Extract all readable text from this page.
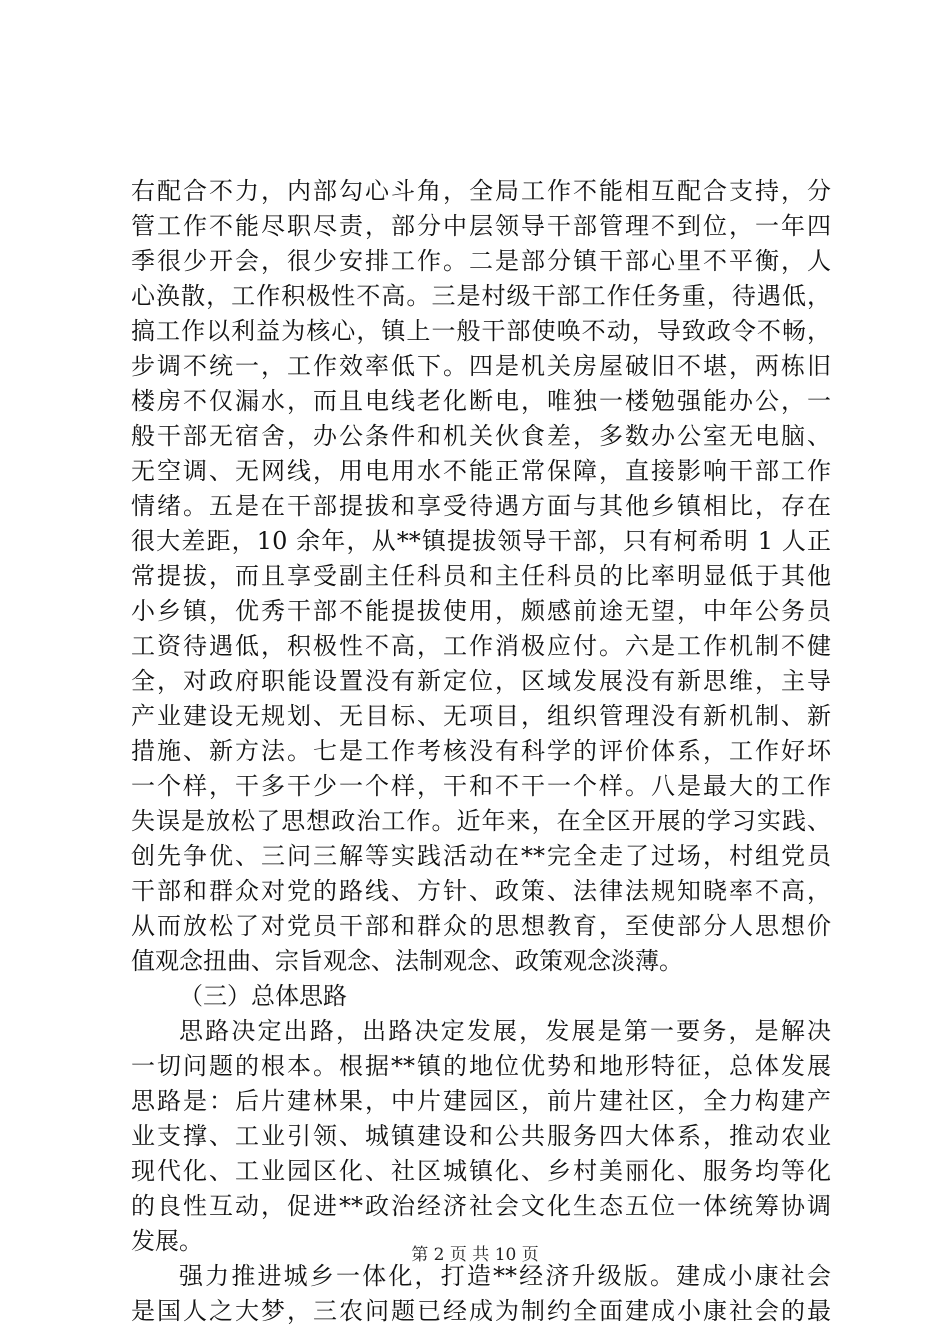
右配合不力，内部勾心斗角，全局工作不能相互配合支持，分
管工作不能尽职尽责，部分中层领导干部管理不到位，一年四
季很少开会，很少安排工作。二是部分镇干部心里不平衡，人
心涣散，工作积极性不高。三是村级干部工作任务重，待遇低，
搞工作以利益为核心，镇上一般干部使唤不动，导致政令不畅，
步调不统一，工作效率低下。四是机关房屋破旧不堪，两栋旧
楼房不仅漏水，而且电线老化断电，唯独一楼勉强能办公，一
般干部无宿舍，办公条件和机关伙食差，多数办公室无电脑、
无空调、无网线，用电用水不能正常保障，直接影响干部工作
情绪。五是在干部提拔和享受待遇方面与其他乡镇相比，存在
很大差距，10 余年，从**镇提拔领导干部，只有柯希明 1 人正
常提拔，而且享受副主任科员和主任科员的比率明显低于其他
小乡镇，优秀干部不能提拔使用，颇感前途无望，中年公务员
工资待遇低，积极性不高，工作消极应付。六是工作机制不健
全，对政府职能设置没有新定位，区域发展没有新思维，主导
产业建设无规划、无目标、无项目，组织管理没有新机制、新
措施、新方法。七是工作考核没有科学的评价体系，工作好坏
一个样，干多干少一个样，干和不干一个样。八是最大的工作
失误是放松了思想政治工作。近年来，在全区开展的学习实践、
创先争优、三问三解等实践活动在**完全走了过场，村组党员
干部和群众对党的路线、方针、政策、法律法规知晓率不高，
从而放松了对党员干部和群众的思想教育，至使部分人思想价
值观念扭曲、宗旨观念、法制观念、政策观念淡薄。
（三）总体思路
思路决定出路，出路决定发展，发展是第一要务，是解决
一切问题的根本。根据**镇的地位优势和地形特征，总体发展
思路是：后片建林果，中片建园区，前片建社区，全力构建产
业支撑、工业引领、城镇建设和公共服务四大体系，推动农业
现代化、工业园区化、社区城镇化、乡村美丽化、服务均等化
的良性互动，促进**政治经济社会文化生态五位一体统筹协调
发展。
强力推进城乡一体化，打造**经济升级版。建成小康社会
是国人之大梦，三农问题已经成为制约全面建成小康社会的最
第 2 页 共 10 页
